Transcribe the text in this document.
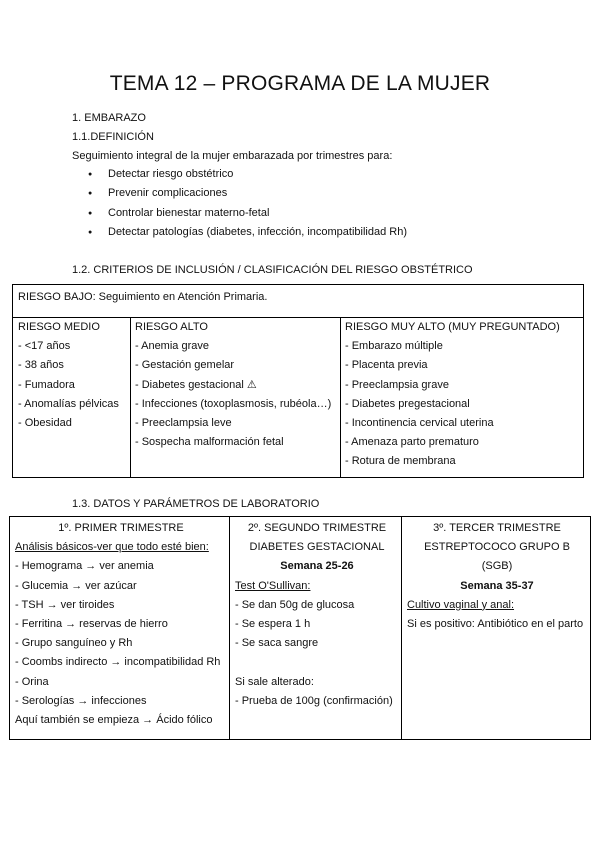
TEMA 12 – PROGRAMA DE LA MUJER
1. EMBARAZO
1.1.DEFINICIÓN
Seguimiento integral de la mujer embarazada por trimestres para:
● Detectar riesgo obstétrico
● Prevenir complicaciones
● Controlar bienestar materno-fetal
● Detectar patologías (diabetes, infección, incompatibilidad Rh)
1.2. CRITERIOS DE INCLUSIÓN / CLASIFICACIÓN DEL RIESGO OBSTÉTRICO
RIESGO BAJO: Seguimiento en Atención Primaria.
RIESGO MEDIO
- <17 años
- 38 años
- Fumadora
- Anomalías pélvicas
- Obesidad
RIESGO ALTO
- Anemia grave
- Gestación gemelar
- Diabetes gestacional ⚠
- Infecciones (toxoplasmosis, rubéola…)
- Preeclampsia leve
- Sospecha malformación fetal
RIESGO MUY ALTO (MUY PREGUNTADO)
- Embarazo múltiple
- Placenta previa
- Preeclampsia grave
- Diabetes pregestacional
- Incontinencia cervical uterina
- Amenaza parto prematuro
- Rotura de membrana
1.3. DATOS Y PARÁMETROS DE LABORATORIO
1º. PRIMER TRIMESTRE
Análisis básicos-ver que todo esté bien:
- Hemograma → ver anemia
- Glucemia → ver azúcar
- TSH → ver tiroides
- Ferritina → reservas de hierro
- Grupo sanguíneo y Rh
- Coombs indirecto → incompatibilidad Rh
- Orina
- Serologías → infecciones
Aquí también se empieza → Ácido fólico
2º. SEGUNDO TRIMESTRE
DIABETES GESTACIONAL
Semana 25-26
Test O'Sullivan:
- Se dan 50g de glucosa
- Se espera 1 h
- Se saca sangre
Si sale alterado:
- Prueba de 100g (confirmación)
3º. TERCER TRIMESTRE
ESTREPTOCOCO GRUPO B
(SGB)
Semana 35-37
Cultivo vaginal y anal:
Si es positivo: Antibiótico en el parto
